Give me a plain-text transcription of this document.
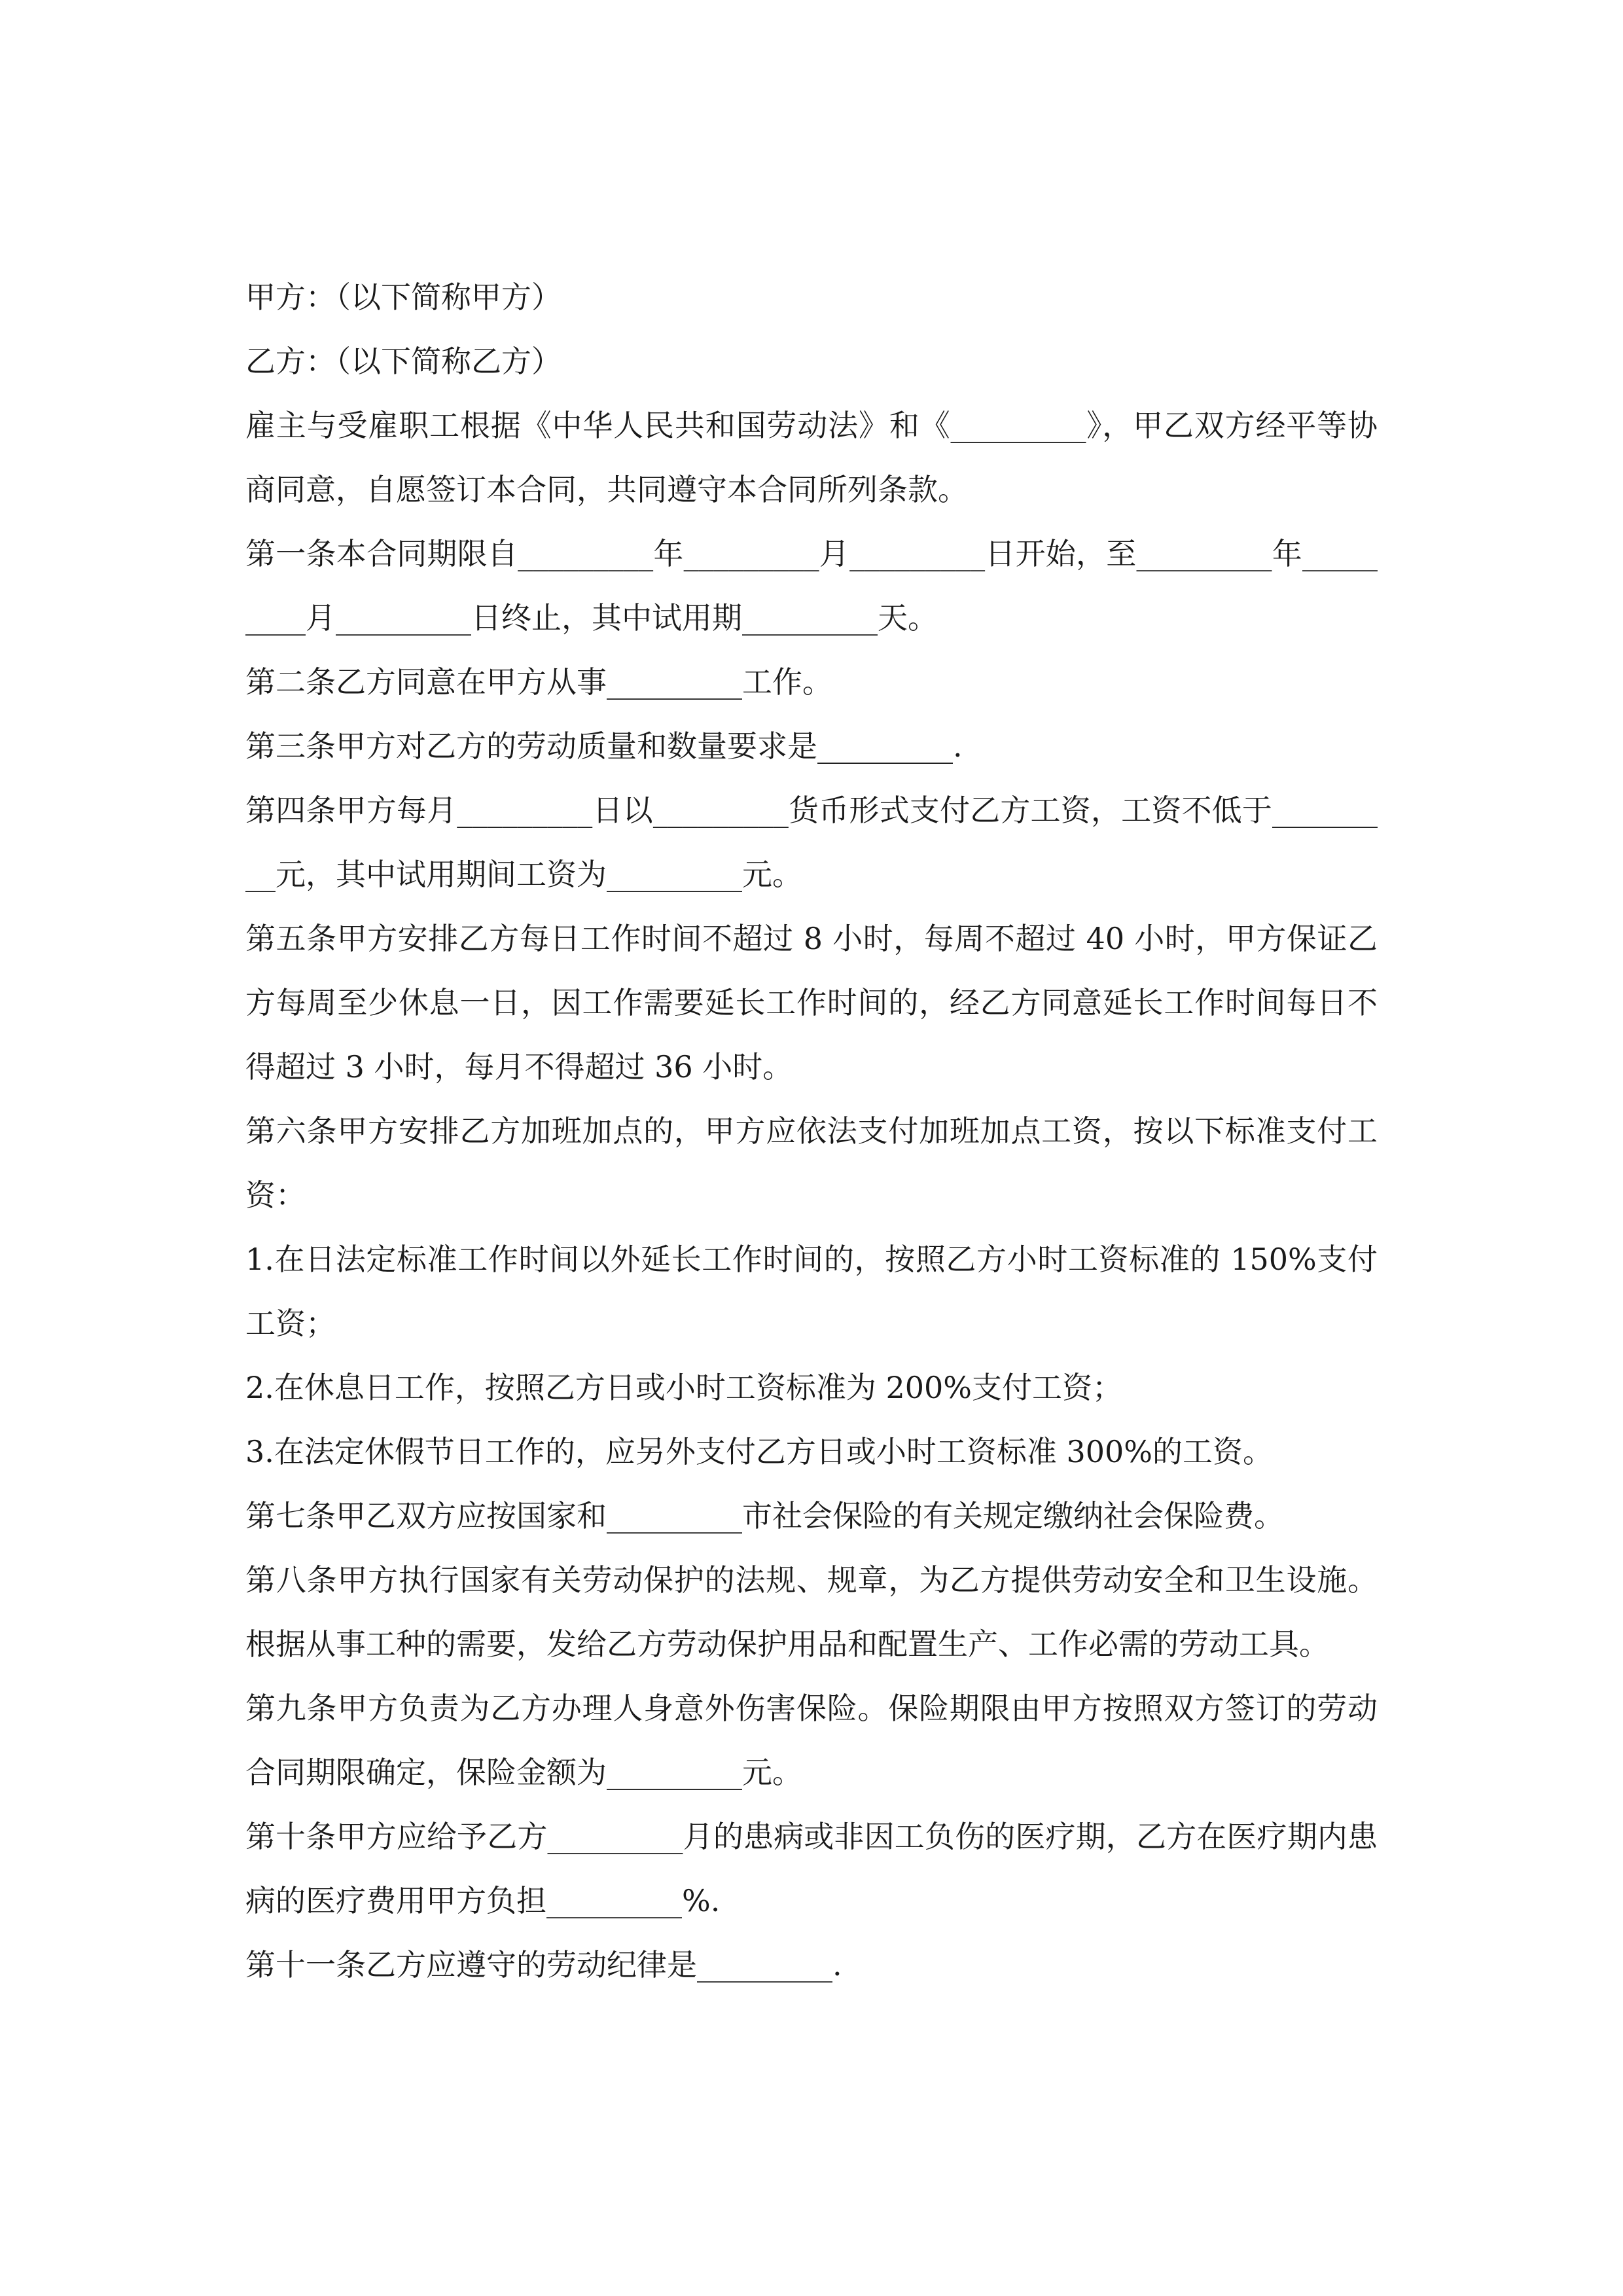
甲方：（以下简称甲方）

乙方：（以下简称乙方）

雇主与受雇职工根据《中华人民共和国劳动法》和《_________》，甲乙双方经平等协商同意，自愿签订本合同，共同遵守本合同所列条款。

第一条本合同期限自_________年_________月_________日开始，至_________年_________月_________日终止，其中试用期_________天。

第二条乙方同意在甲方从事_________工作。

第三条甲方对乙方的劳动质量和数量要求是_________.

第四条甲方每月_________日以_________货币形式支付乙方工资，工资不低于_________元，其中试用期间工资为_________元。

第五条甲方安排乙方每日工作时间不超过 8 小时，每周不超过 40 小时，甲方保证乙方每周至少休息一日，因工作需要延长工作时间的，经乙方同意延长工作时间每日不得超过 3 小时，每月不得超过 36 小时。

第六条甲方安排乙方加班加点的，甲方应依法支付加班加点工资，按以下标准支付工资：

1.在日法定标准工作时间以外延长工作时间的，按照乙方小时工资标准的 150%支付工资；

2.在休息日工作，按照乙方日或小时工资标准为 200%支付工资；

3.在法定休假节日工作的，应另外支付乙方日或小时工资标准 300%的工资。

第七条甲乙双方应按国家和_________市社会保险的有关规定缴纳社会保险费。

第八条甲方执行国家有关劳动保护的法规、规章，为乙方提供劳动安全和卫生设施。根据从事工种的需要，发给乙方劳动保护用品和配置生产、工作必需的劳动工具。

第九条甲方负责为乙方办理人身意外伤害保险。保险期限由甲方按照双方签订的劳动合同期限确定，保险金额为_________元。

第十条甲方应给予乙方_________月的患病或非因工负伤的医疗期，乙方在医疗期内患病的医疗费用甲方负担_________%.

第十一条乙方应遵守的劳动纪律是_________.
